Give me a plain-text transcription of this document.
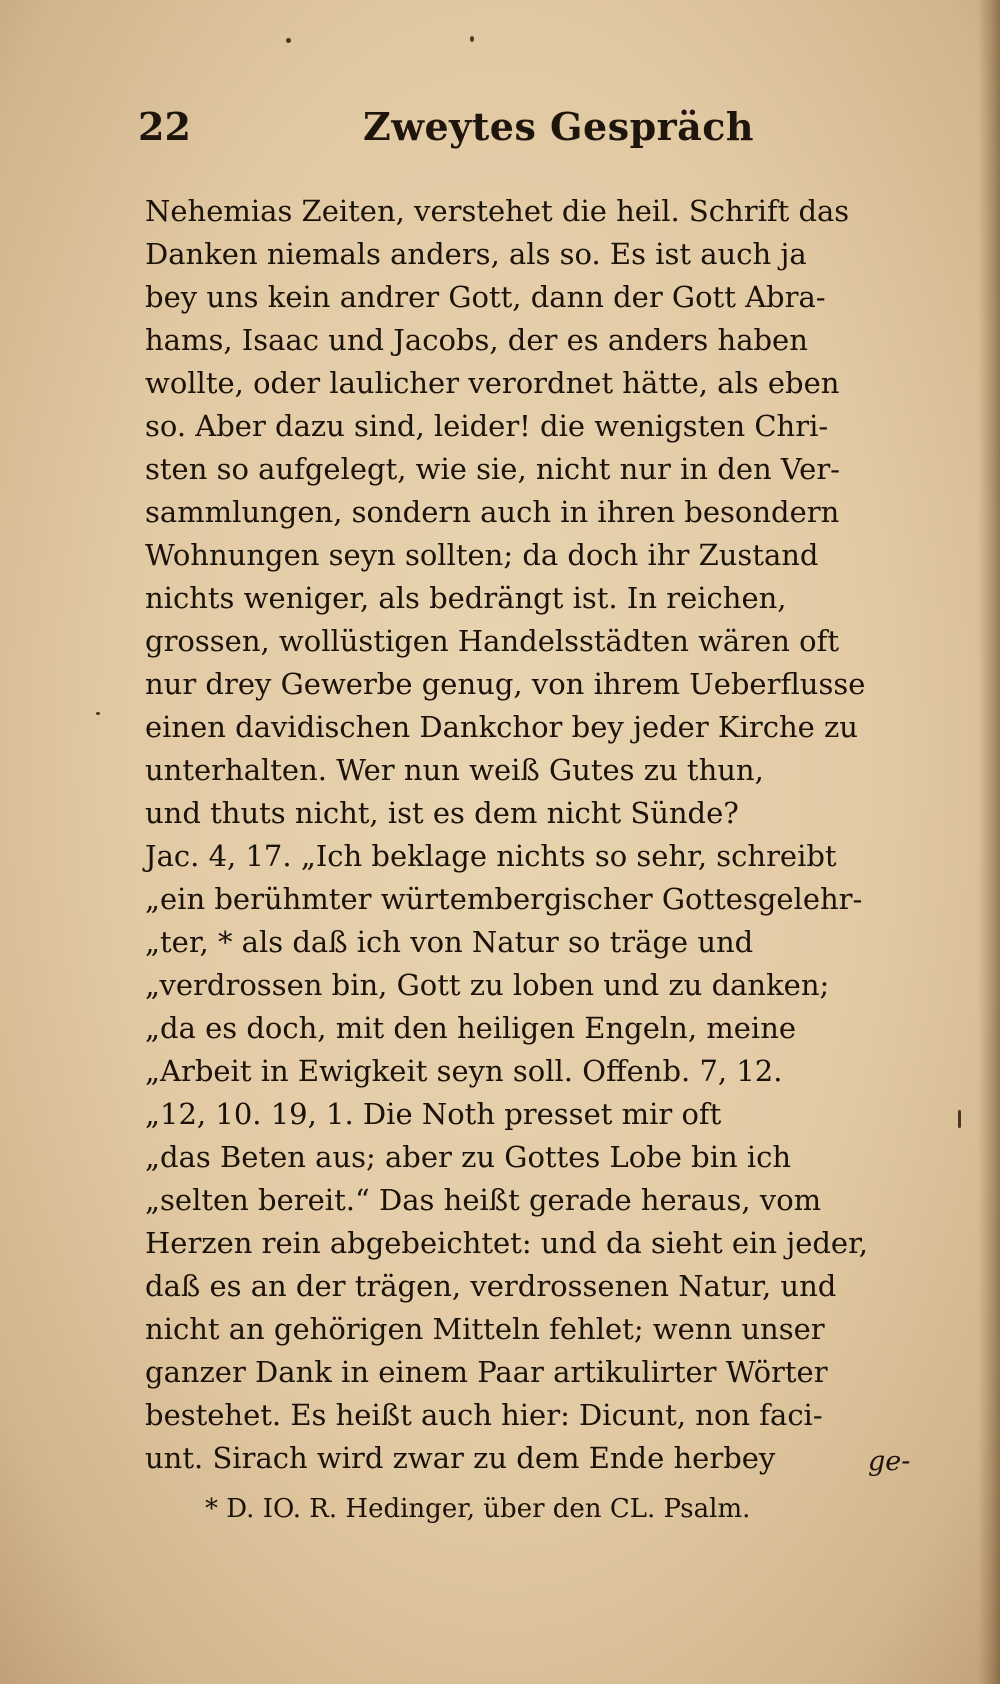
22	Zweytes Gespräch
Nehemias Zeiten, verstehet die heil. Schrift das
Danken niemals anders, als so. Es ist auch ja
bey uns kein andrer Gott, dann der Gott Abra-
hams, Isaac und Jacobs, der es anders haben
wollte, oder laulicher verordnet hätte, als eben
so. Aber dazu sind, leider! die wenigsten Chri-
sten so aufgelegt, wie sie, nicht nur in den Ver-
sammlungen, sondern auch in ihren besondern
Wohnungen seyn sollten; da doch ihr Zustand
nichts weniger, als bedrängt ist. In reichen,
grossen, wollüstigen Handelsstädten wären oft
nur drey Gewerbe genug, von ihrem Ueberflusse
einen davidischen Dankchor bey jeder Kirche zu
unterhalten. Wer nun weiß Gutes zu thun,
und thuts nicht, ist es dem nicht Sünde?
Jac. 4, 17. „Ich beklage nichts so sehr, schreibt
„ein berühmter würtembergischer Gottesgelehr-
„ter, * als daß ich von Natur so träge und
„verdrossen bin, Gott zu loben und zu danken;
„da es doch, mit den heiligen Engeln, meine
„Arbeit in Ewigkeit seyn soll. Offenb. 7, 12.
„12, 10. 19, 1. Die Noth presset mir oft
„das Beten aus; aber zu Gottes Lobe bin ich
„selten bereit.“ Das heißt gerade heraus, vom
Herzen rein abgebeichtet: und da sieht ein jeder,
daß es an der trägen, verdrossenen Natur, und
nicht an gehörigen Mitteln fehlet; wenn unser
ganzer Dank in einem Paar artikulirter Wörter
bestehet. Es heißt auch hier: Dicunt, non faci-
unt. Sirach wird zwar zu dem Ende herbey	ge-
* D. IO. R. Hedinger, über den CL. Psalm.
